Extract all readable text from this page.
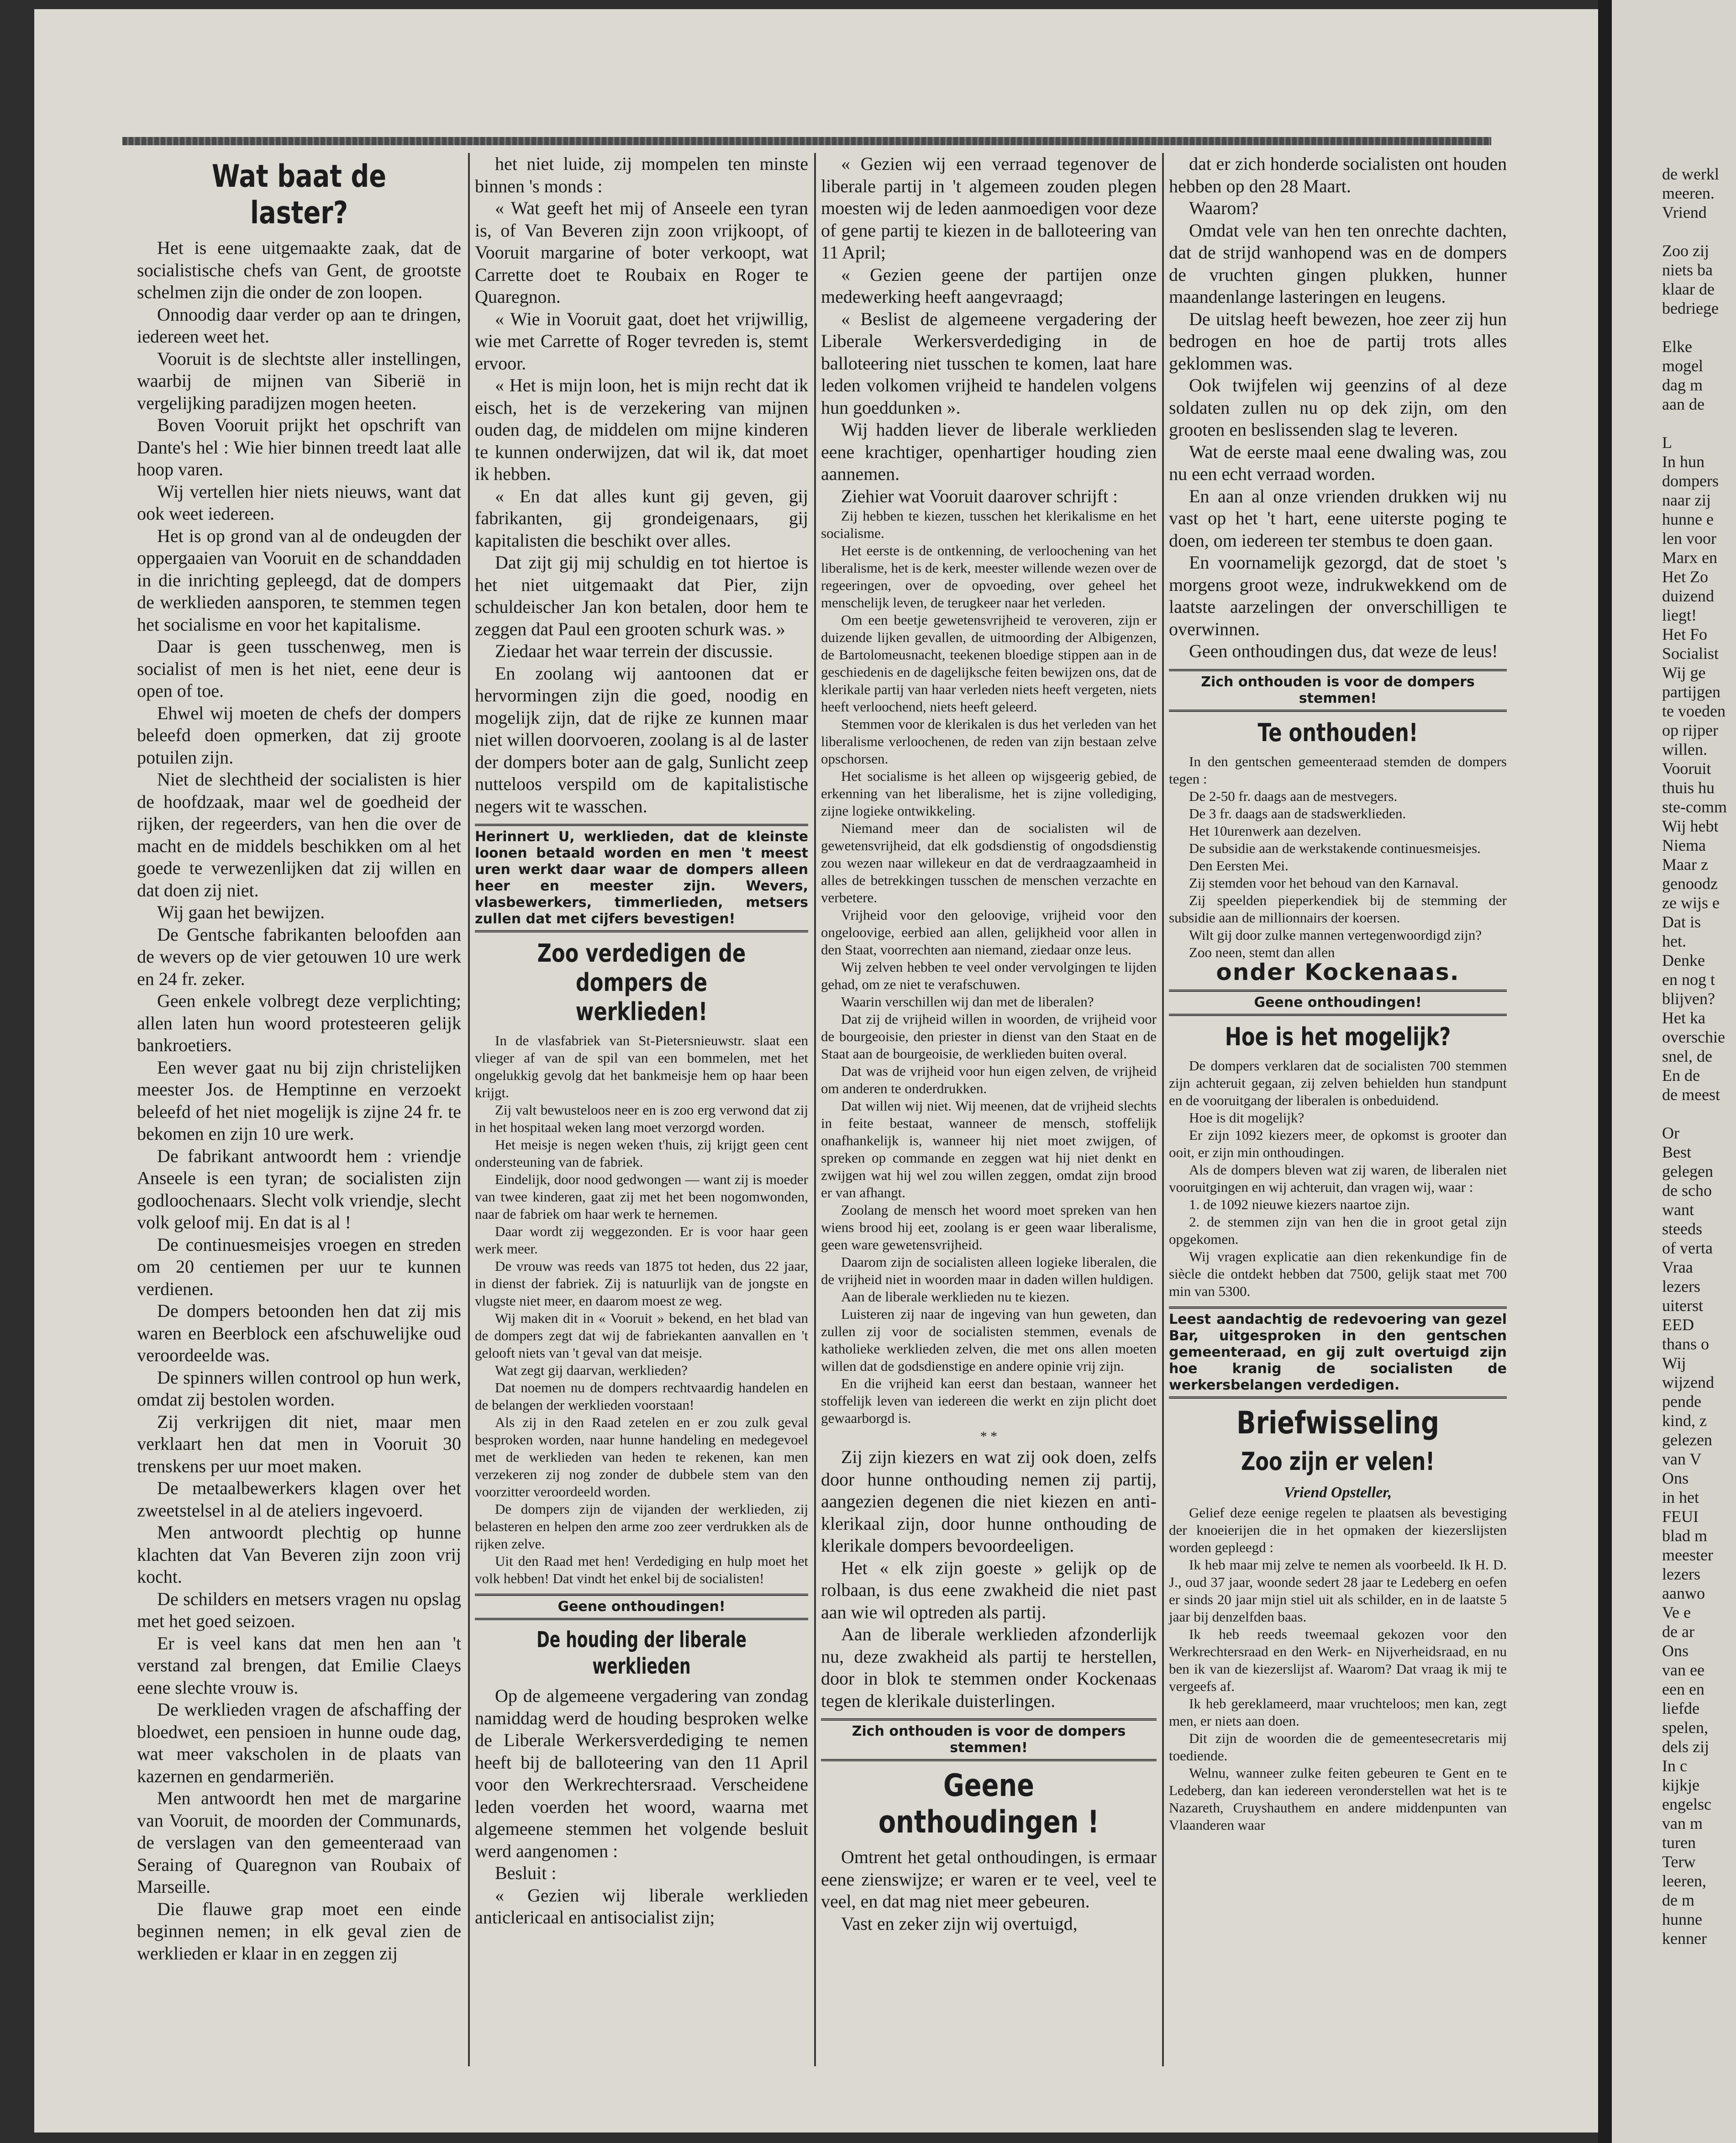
Wat baat de laster?

Het is eene uitgemaakte zaak, dat de socialistische chefs van Gent, de grootste schelmen zijn die onder de zon loopen.

Onnoodig daar verder op aan te dringen, iedereen weet het.

Vooruit is de slechtste aller instellingen, waarbij de mijnen van Siberië in vergelijking paradijzen mogen heeten.

Boven Vooruit prijkt het opschrift van Dante's hel : Wie hier binnen treedt laat alle hoop varen.

Wij vertellen hier niets nieuws, want dat ook weet iedereen.

Het is op grond van al de ondeugden der oppergaaien van Vooruit en de schanddaden in die inrichting gepleegd, dat de dompers de werklieden aansporen, te stemmen tegen het socialisme en voor het kapitalisme.

Daar is geen tusschenweg, men is socialist of men is het niet, eene deur is open of toe.

Ehwel wij moeten de chefs der dompers beleefd doen opmerken, dat zij groote potuilen zijn.

Niet de slechtheid der socialisten is hier de hoofdzaak, maar wel de goedheid der rijken, der regeerders, van hen die over de macht en de middels beschikken om al het goede te verwezenlijken dat zij willen en dat doen zij niet.

Wij gaan het bewijzen.

De Gentsche fabrikanten beloofden aan de wevers op de vier getouwen 10 ure werk en 24 fr. zeker.

Geen enkele volbregt deze verplichting; allen laten hun woord protesteeren gelijk bankroetiers.

Een wever gaat nu bij zijn christelijken meester Jos. de Hemptinne en verzoekt beleefd of het niet mogelijk is zijne 24 fr. te bekomen en zijn 10 ure werk.

De fabrikant antwoordt hem : vriendje Anseele is een tyran; de socialisten zijn godloochenaars. Slecht volk vriendje, slecht volk geloof mij. En dat is al !

De continuesmeisjes vroegen en streden om 20 centiemen per uur te kunnen verdienen.

De dompers betoonden hen dat zij mis waren en Beerblock een afschuwelijke oud veroordeelde was.

De spinners willen controol op hun werk, omdat zij bestolen worden.

Zij verkrijgen dit niet, maar men verklaart hen dat men in Vooruit 30 trenskens per uur moet maken.

De metaalbewerkers klagen over het zweetstelsel in al de ateliers ingevoerd.

Men antwoordt plechtig op hunne klachten dat Van Beveren zijn zoon vrij kocht.

De schilders en metsers vragen nu opslag met het goed seizoen.

Er is veel kans dat men hen aan 't verstand zal brengen, dat Emilie Claeys eene slechte vrouw is.

De werklieden vragen de afschaffing der bloedwet, een pensioen in hunne oude dag, wat meer vakscholen in de plaats van kazernen en gendarmeriën.

Men antwoordt hen met de margarine van Vooruit, de moorden der Communards, de verslagen van den gemeenteraad van Seraing of Quaregnon van Roubaix of Marseille.

Die flauwe grap moet een einde beginnen nemen; in elk geval zien de werklieden er klaar in en zeggen zij

het niet luide, zij mompelen ten minste binnen 's monds :

« Wat geeft het mij of Anseele een tyran is, of Van Beveren zijn zoon vrijkoopt, of Vooruit margarine of boter verkoopt, wat Carrette doet te Roubaix en Roger te Quaregnon.

« Wie in Vooruit gaat, doet het vrijwillig, wie met Carrette of Roger tevreden is, stemt ervoor.

« Het is mijn loon, het is mijn recht dat ik eisch, het is de verzekering van mijnen ouden dag, de middelen om mijne kinderen te kunnen onderwijzen, dat wil ik, dat moet ik hebben.

« En dat alles kunt gij geven, gij fabrikanten, gij grondeigenaars, gij kapitalisten die beschikt over alles.

Dat zijt gij mij schuldig en tot hiertoe is het niet uitgemaakt dat Pier, zijn schuldeischer Jan kon betalen, door hem te zeggen dat Paul een grooten schurk was. »

Ziedaar het waar terrein der discussie.

En zoolang wij aantoonen dat er hervormingen zijn die goed, noodig en mogelijk zijn, dat de rijke ze kunnen maar niet willen doorvoeren, zoolang is al de laster der dompers boter aan de galg, Sunlicht zeep nutteloos verspild om de kapitalistische negers wit te wasschen.

Herinnert U, werklieden, dat de kleinste loonen betaald worden en men 't meest uren werkt daar waar de dompers alleen heer en meester zijn. Wevers, vlasbewerkers, timmerlieden, metsers zullen dat met cijfers bevestigen!
Zoo verdedigen de dompers de werklieden!

In de vlasfabriek van St-Pietersnieuwstr. slaat een vlieger af van de spil van een bommelen, met het ongelukkig gevolg dat het bankmeisje hem op haar been krijgt.

Zij valt bewusteloos neer en is zoo erg verwond dat zij in het hospitaal weken lang moet verzorgd worden.

Het meisje is negen weken t'huis, zij krijgt geen cent ondersteuning van de fabriek.

Eindelijk, door nood gedwongen — want zij is moeder van twee kinderen, gaat zij met het been nogomwonden, naar de fabriek om haar werk te hernemen.

Daar wordt zij weggezonden. Er is voor haar geen werk meer.

De vrouw was reeds van 1875 tot heden, dus 22 jaar, in dienst der fabriek. Zij is natuurlijk van de jongste en vlugste niet meer, en daarom moest ze weg.

Wij maken dit in « Vooruit » bekend, en het blad van de dompers zegt dat wij de fabriekanten aanvallen en 't gelooft niets van 't geval van dat meisje.

Wat zegt gij daarvan, werklieden?

Dat noemen nu de dompers rechtvaardig handelen en de belangen der werklieden voorstaan!

Als zij in den Raad zetelen en er zou zulk geval besproken worden, naar hunne handeling en medegevoel met de werklieden van heden te rekenen, kan men verzekeren zij nog zonder de dubbele stem van den voorzitter veroordeeld worden.

De dompers zijn de vijanden der werklieden, zij belasteren en helpen den arme zoo zeer verdrukken als de rijken zelve.

Uit den Raad met hen! Verdediging en hulp moet het volk hebben! Dat vindt het enkel bij de socialisten!

Geene onthoudingen!
De houding der liberale werklieden

Op de algemeene vergadering van zondag namiddag werd de houding besproken welke de Liberale Werkersverdediging te nemen heeft bij de balloteering van den 11 April voor den Werkrechtersraad. Verscheidene leden voerden het woord, waarna met algemeene stemmen het volgende besluit werd aangenomen :

Besluit :

« Gezien wij liberale werklieden anticlericaal en antisocialist zijn;

« Gezien wij een verraad tegenover de liberale partij in 't algemeen zouden plegen moesten wij de leden aanmoedigen voor deze of gene partij te kiezen in de balloteering van 11 April;

« Gezien geene der partijen onze medewerking heeft aangevraagd;

« Beslist de algemeene vergadering der Liberale Werkersverdediging in de balloteering niet tusschen te komen, laat hare leden volkomen vrijheid te handelen volgens hun goeddunken ».

Wij hadden liever de liberale werklieden eene krachtiger, openhartiger houding zien aannemen.

Ziehier wat Vooruit daarover schrijft :

Zij hebben te kiezen, tusschen het klerikalisme en het socialisme.

Het eerste is de ontkenning, de verloochening van het liberalisme, het is de kerk, meester willende wezen over de regeeringen, over de opvoeding, over geheel het menschelijk leven, de terugkeer naar het verleden.

Om een beetje gewetensvrijheid te veroveren, zijn er duizende lijken gevallen, de uitmoording der Albigenzen, de Bartolomeusnacht, teekenen bloedige stippen aan in de geschiedenis en de dagelijksche feiten bewijzen ons, dat de klerikale partij van haar verleden niets heeft vergeten, niets heeft verloochend, niets heeft geleerd.

Stemmen voor de klerikalen is dus het verleden van het liberalisme verloochenen, de reden van zijn bestaan zelve opschorsen.

Het socialisme is het alleen op wijsgeerig gebied, de erkenning van het liberalisme, het is zijne vollediging, zijne logieke ontwikkeling.

Niemand meer dan de socialisten wil de gewetensvrijheid, dat elk godsdienstig of ongodsdienstig zou wezen naar willekeur en dat de verdraagzaamheid in alles de betrekkingen tusschen de menschen verzachte en verbetere.

Vrijheid voor den geloovige, vrijheid voor den ongeloovige, eerbied aan allen, gelijkheid voor allen in den Staat, voorrechten aan niemand, ziedaar onze leus.

Wij zelven hebben te veel onder vervolgingen te lijden gehad, om ze niet te verafschuwen.

Waarin verschillen wij dan met de liberalen?

Dat zij de vrijheid willen in woorden, de vrijheid voor de bourgeoisie, den priester in dienst van den Staat en de Staat aan de bourgeoisie, de werklieden buiten overal.

Dat was de vrijheid voor hun eigen zelven, de vrijheid om anderen te onderdrukken.

Dat willen wij niet. Wij meenen, dat de vrijheid slechts in feite bestaat, wanneer de mensch, stoffelijk onafhankelijk is, wanneer hij niet moet zwijgen, of spreken op commande en zeggen wat hij niet denkt en zwijgen wat hij wel zou willen zeggen, omdat zijn brood er van afhangt.

Zoolang de mensch het woord moet spreken van hen wiens brood hij eet, zoolang is er geen waar liberalisme, geen ware gewetensvrijheid.

Daarom zijn de socialisten alleen logieke liberalen, die de vrijheid niet in woorden maar in daden willen huldigen.

Aan de liberale werklieden nu te kiezen.

Luisteren zij naar de ingeving van hun geweten, dan zullen zij voor de socialisten stemmen, evenals de katholieke werklieden zelven, die met ons allen moeten willen dat de godsdienstige en andere opinie vrij zijn.

En die vrijheid kan eerst dan bestaan, wanneer het stoffelijk leven van iedereen die werkt en zijn plicht doet gewaarborgd is.

* *

Zij zijn kiezers en wat zij ook doen, zelfs door hunne onthouding nemen zij partij, aangezien degenen die niet kiezen en anti-klerikaal zijn, door hunne onthouding de klerikale dompers bevoordeeligen.

Het « elk zijn goeste » gelijk op de rolbaan, is dus eene zwakheid die niet past aan wie wil optreden als partij.

Aan de liberale werklieden afzonderlijk nu, deze zwakheid als partij te herstellen, door in blok te stemmen onder Kockenaas tegen de klerikale duisterlingen.

Zich onthouden is voor de dompers stemmen!
Geene onthoudingen !

Omtrent het getal onthoudingen, is ermaar eene zienswijze; er waren er te veel, veel te veel, en dat mag niet meer gebeuren.

Vast en zeker zijn wij overtuigd,

dat er zich honderde socialisten ont houden hebben op den 28 Maart.

Waarom?

Omdat vele van hen ten onrechte dachten, dat de strijd wanhopend was en de dompers de vruchten gingen plukken, hunner maandenlange lasteringen en leugens.

De uitslag heeft bewezen, hoe zeer zij hun bedrogen en hoe de partij trots alles geklommen was.

Ook twijfelen wij geenzins of al deze soldaten zullen nu op dek zijn, om den grooten en beslissenden slag te leveren.

Wat de eerste maal eene dwaling was, zou nu een echt verraad worden.

En aan al onze vrienden drukken wij nu vast op het 't hart, eene uiterste poging te doen, om iedereen ter stembus te doen gaan.

En voornamelijk gezorgd, dat de stoet 's morgens groot weze, indrukwekkend om de laatste aarzelingen der onverschilligen te overwinnen.

Geen onthoudingen dus, dat weze de leus!

Zich onthouden is voor de dompers stemmen!
Te onthouden!

In den gentschen gemeenteraad stemden de dompers tegen :

De 2-50 fr. daags aan de mestvegers.

De 3 fr. daags aan de stadswerklieden.

Het 10urenwerk aan dezelven.

De subsidie aan de werkstakende continuesmeisjes.

Den Eersten Mei.

Zij stemden voor het behoud van den Karnaval.

Zij speelden pieperkendiek bij de stemming der subsidie aan de millionnairs der koersen.

Wilt gij door zulke mannen vertegenwoordigd zijn?

Zoo neen, stemt dan allen

onder Kockenaas.
Geene onthoudingen!
Hoe is het mogelijk?

De dompers verklaren dat de socialisten 700 stemmen zijn achteruit gegaan, zij zelven behielden hun standpunt en de vooruitgang der liberalen is onbeduidend.

Hoe is dit mogelijk?

Er zijn 1092 kiezers meer, de opkomst is grooter dan ooit, er zijn min onthoudingen.

Als de dompers bleven wat zij waren, de liberalen niet vooruitgingen en wij achteruit, dan vragen wij, waar :

1. de 1092 nieuwe kiezers naartoe zijn.

2. de stemmen zijn van hen die in groot getal zijn opgekomen.

Wij vragen explicatie aan dien rekenkundige fin de siècle die ontdekt hebben dat 7500, gelijk staat met 700 min van 5300.

Leest aandachtig de redevoering van gezel Bar, uitgesproken in den gentschen gemeenteraad, en gij zult overtuigd zijn hoe kranig de socialisten de werkersbelangen verdedigen.
Briefwisseling
Zoo zijn er velen!
Vriend Opsteller,

Gelief deze eenige regelen te plaatsen als bevestiging der knoeierijen die in het opmaken der kiezerslijsten worden gepleegd :

Ik heb maar mij zelve te nemen als voorbeeld. Ik H. D. J., oud 37 jaar, woonde sedert 28 jaar te Ledeberg en oefen er sinds 20 jaar mijn stiel uit als schilder, en in de laatste 5 jaar bij denzelfden baas.

Ik heb reeds tweemaal gekozen voor den Werkrechtersraad en den Werk- en Nijverheidsraad, en nu ben ik van de kiezerslijst af. Waarom? Dat vraag ik mij te vergeefs af.

Ik heb gereklameerd, maar vruchteloos; men kan, zegt men, er niets aan doen.

Dit zijn de woorden die de gemeentesecretaris mij toediende.

Welnu, wanneer zulke feiten gebeuren te Gent en te Ledeberg, dan kan iedereen veronderstellen wat het is te Nazareth, Cruyshauthem en andere middenpunten van Vlaanderen waar

de werkl
meeren.
Vriend

Zoo zij
niets ba
klaar de
bedriege

Elke
mogel
dag m
aan de

L
In hun
dompers
naar zij
hunne e
len voor
Marx en
Het Zo
duizend
liegt!
Het Fo
Socialist
Wij ge
partijgen
te voeden
op rijper
willen.
Vooruit
thuis hu
ste-comm
Wij hebt
Niema
Maar z
genoodz
ze wijs e
Dat is
het.
Denke
en nog t
blijven?
Het ka
overschie
snel, de
En de
de meest

Or
Best
gelegen
de scho
want
steeds
of verta
Vraa
lezers
uiterst
EED
thans o
Wij
wijzend
pende
kind, z
gelezen
van V
Ons
in het
FEUI
blad m
meester
lezers
aanwo
Ve e
de ar
Ons
van ee
een en
liefde
spelen,
dels zij
In c
kijkje
engelsc
van m
turen
Terw
leeren,
de m
hunne
kenner
